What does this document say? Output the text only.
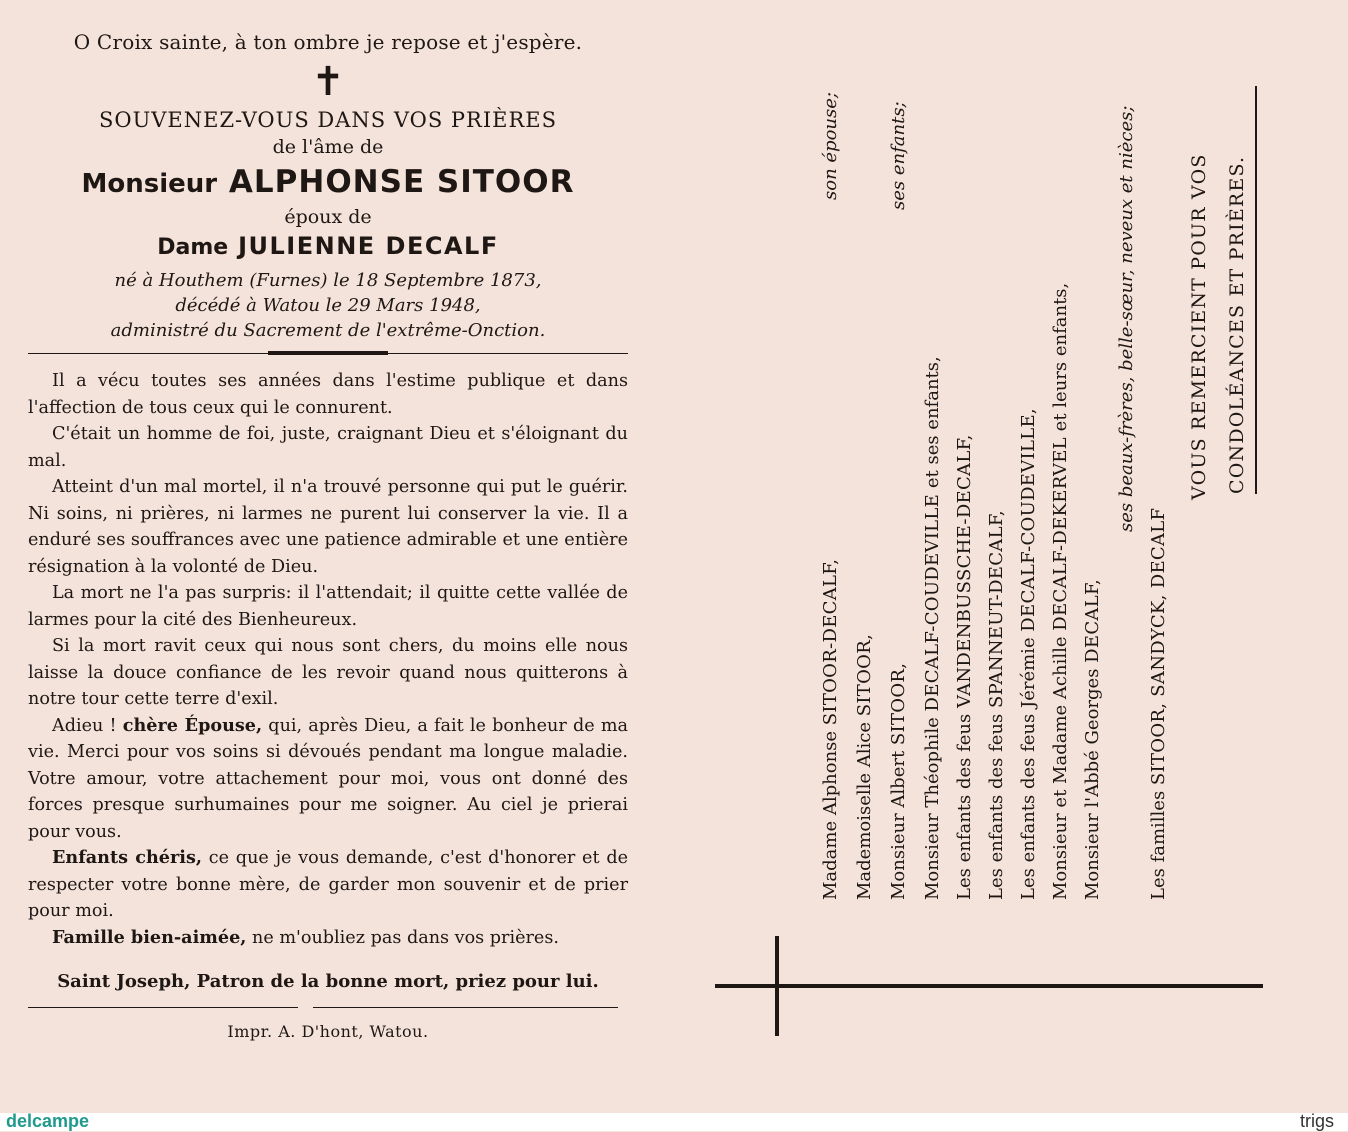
O Croix sainte, à ton ombre je repose et j'espère.
✝
SOUVENEZ-VOUS DANS VOS PRIÈRES
de l'âme de
Monsieur ALPHONSE SITOOR
époux de
Dame JULIENNE DECALF
né à Houthem (Furnes) le 18 Septembre 1873,
décédé à Watou le 29 Mars 1948,
administré du Sacrement de l'extrême-Onction.

Il a vécu toutes ses années dans l'estime publique et dans l'affection de tous ceux qui le connurent.

C'était un homme de foi, juste, craignant Dieu et s'éloignant du mal.

Atteint d'un mal mortel, il n'a trouvé personne qui put le guérir. Ni soins, ni prières, ni larmes ne purent lui conserver la vie. Il a enduré ses souffrances avec une patience admirable et une entière résignation à la volonté de Dieu.

La mort ne l'a pas surpris: il l'attendait; il quitte cette vallée de larmes pour la cité des Bienheureux.

Si la mort ravit ceux qui nous sont chers, du moins elle nous laisse la douce confiance de les revoir quand nous quitterons à notre tour cette terre d'exil.

Adieu ! chère Épouse, qui, après Dieu, a fait le bonheur de ma vie. Merci pour vos soins si dévoués pendant ma longue maladie. Votre amour, votre attachement pour moi, vous ont donné des forces presque surhumaines pour me soigner. Au ciel je prierai pour vous.

Enfants chéris, ce que je vous demande, c'est d'honorer et de respecter votre bonne mère, de garder mon souvenir et de prier pour moi.

Famille bien-aimée, ne m'oubliez pas dans vos prières.

Saint Joseph, Patron de la bonne mort, priez pour lui.
Impr. A. D'hont, Watou.
Madame Alphonse SITOOR-DECALF,
Mademoiselle Alice SITOOR,
Monsieur Albert SITOOR,
Monsieur Théophile DECALF-COUDEVILLE et ses enfants,
Les enfants des feus VANDENBUSSCHE-DECALF,
Les enfants des feus SPANNEUT-DECALF,
Les enfants des feus Jérémie DECALF-COUDEVILLE,
Monsieur et Madame Achille DECALF-DEKERVEL et leurs enfants,
Monsieur l'Abbé Georges DECALF,
Les familles SITOOR, SANDYCK, DECALF
son épouse;	ses enfants;	ses beaux-frères, belle-sœur, neveux et nièces;	VOUS REMERCIENT POUR VOS CONDOLÉANCES ET PRIÈRES.
delcampe	trigs
